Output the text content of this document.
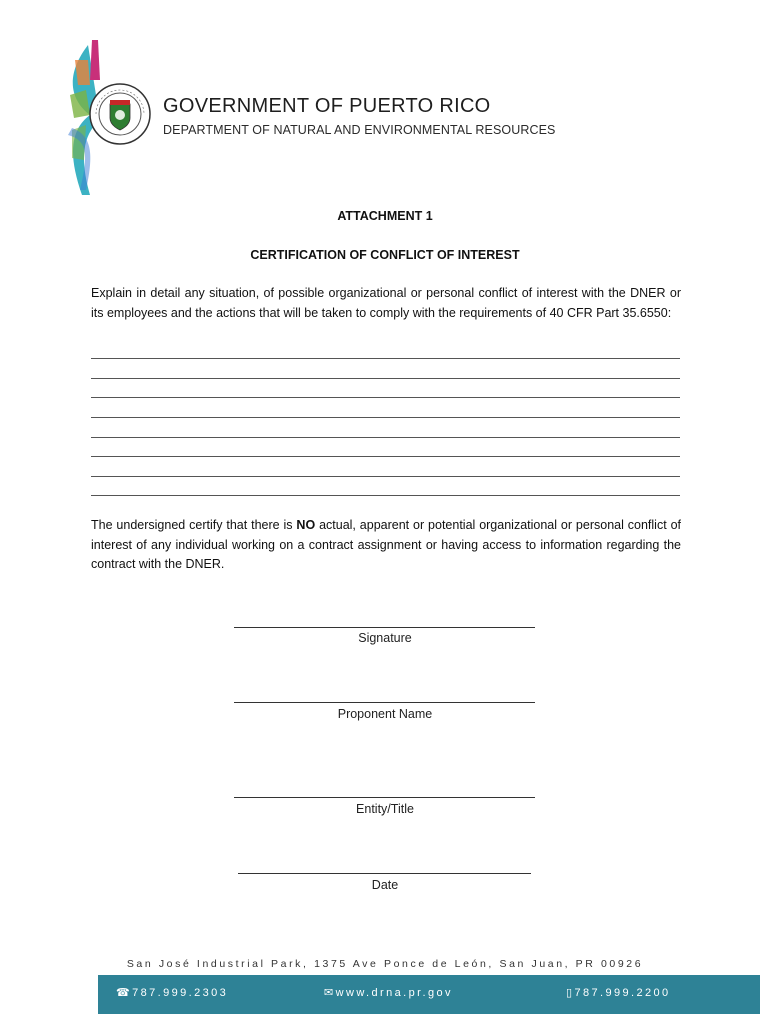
GOVERNMENT OF PUERTO RICO
DEPARTMENT OF NATURAL AND ENVIRONMENTAL RESOURCES
ATTACHMENT 1
CERTIFICATION OF CONFLICT OF INTEREST
Explain in detail any situation, of possible organizational or personal conflict of interest with the DNER or its employees and the actions that will be taken to comply with the requirements of 40 CFR Part 35.6550:
The undersigned certify that there is NO actual, apparent or potential organizational or personal conflict of interest of any individual working on a contract assignment or having access to information regarding the contract with the DNER.
Signature
Proponent Name
Entity/Title
Date
San José Industrial Park, 1375 Ave Ponce de León, San Juan, PR 00926
☎787.999.2303	✉www.drna.pr.gov	▯787.999.2200
